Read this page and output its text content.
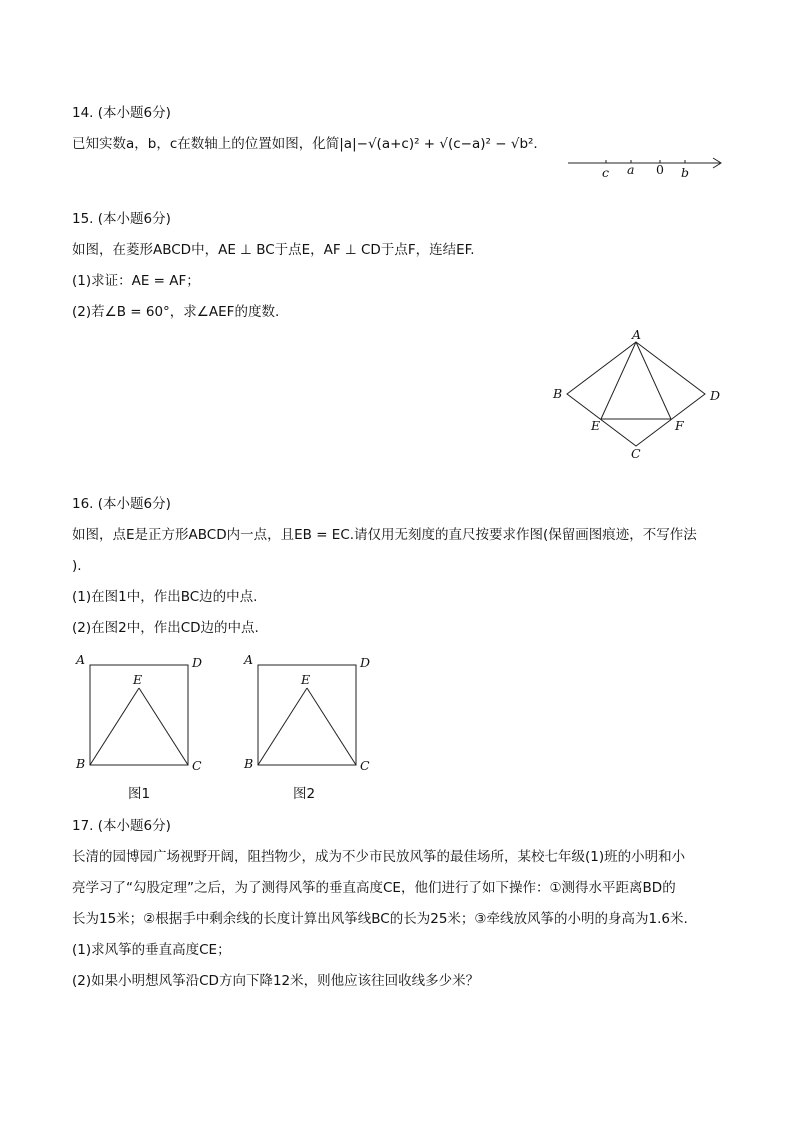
14. (本小题6分)
已知实数a，b，c在数轴上的位置如图，化简|a|−√(a+c)² + √(c−a)² − √b².
c a 0 b
15. (本小题6分)
如图，在菱形ABCD中，AE ⊥ BC于点E，AF ⊥ CD于点F，连结EF.
(1)求证：AE = AF；
(2)若∠B = 60°，求∠AEF的度数.
A
B	D
E	F
C
16. (本小题6分)
如图，点E是正方形ABCD内一点，且EB = EC.请仅用无刻度的直尺按要求作图(保留画图痕迹，不写作法
).
(1)在图1中，作出BC边的中点.
(2)在图2中，作出CD边的中点.
A	D
E
B	C
图1
A	D
E
B	C
图2
17. (本小题6分)
长清的园博园广场视野开阔，阻挡物少，成为不少市民放风筝的最佳场所，某校七年级(1)班的小明和小
亮学习了“勾股定理”之后，为了测得风筝的垂直高度CE，他们进行了如下操作：①测得水平距离BD的
长为15米；②根据手中剩余线的长度计算出风筝线BC的长为25米；③牵线放风筝的小明的身高为1.6米.
(1)求风筝的垂直高度CE；
(2)如果小明想风筝沿CD方向下降12米，则他应该往回收线多少米？
